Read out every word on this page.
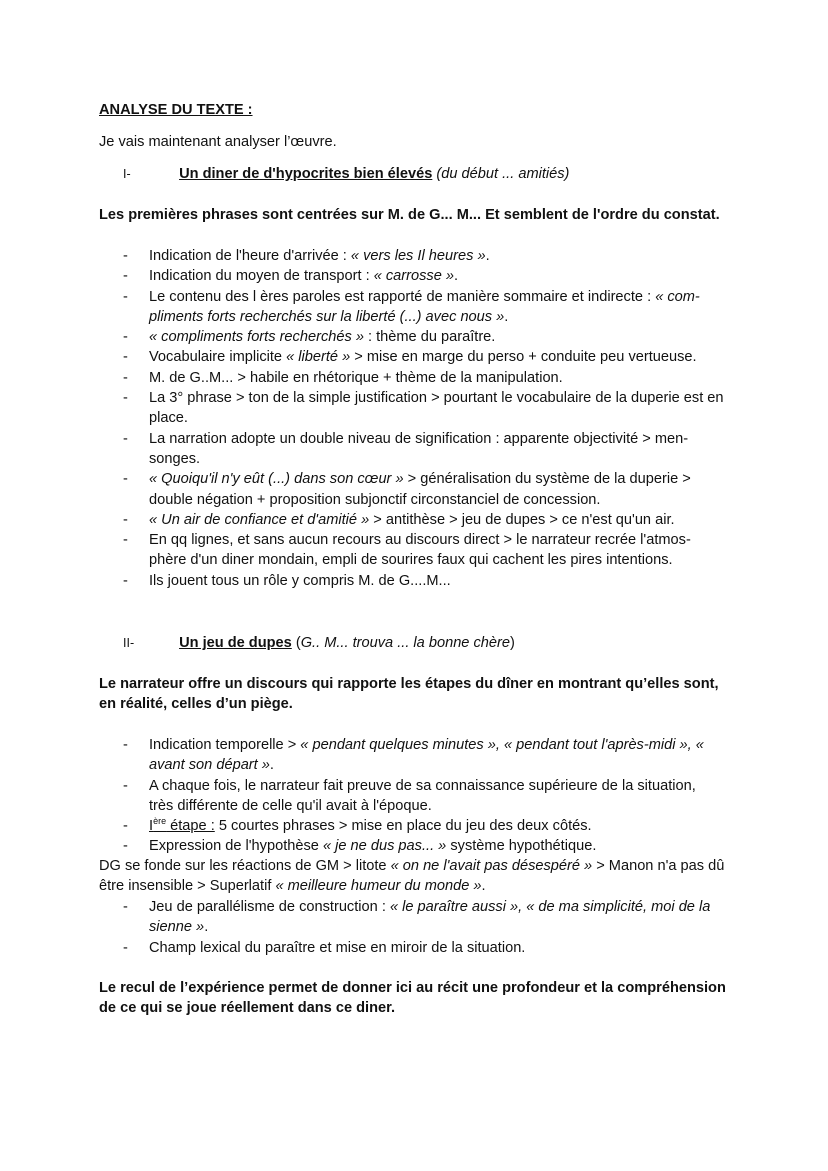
ANALYSE DU TEXTE :
Je vais maintenant analyser l’œuvre.
I-	Un diner de d'hypocrites bien élevés (du début ... amitiés)
Les premières phrases sont centrées sur M. de G... M... Et semblent de l'ordre du constat.
- Indication de l'heure d'arrivée : « vers les Il heures ».
- Indication du moyen de transport : « carrosse ».
- Le contenu des l ères paroles est rapporté de manière sommaire et indirecte : « com-pliments forts recherchés sur la liberté (...) avec nous ».
- « compliments forts recherchés » : thème du paraître.
- Vocabulaire implicite « liberté » > mise en marge du perso + conduite peu vertueuse.
- M. de G..M... > habile en rhétorique + thème de la manipulation.
- La 3° phrase > ton de la simple justification > pourtant le vocabulaire de la duperie est en place.
- La narration adopte un double niveau de signification : apparente objectivité > men-songes.
- « Quoiqu'il n'y eût (...) dans son cœur » > généralisation du système de la duperie > double négation + proposition subjonctif circonstanciel de concession.
- « Un air de confiance et d'amitié » > antithèse > jeu de dupes > ce n'est qu'un air.
- En qq lignes, et sans aucun recours au discours direct > le narrateur recrée l'atmos-phère d'un diner mondain, empli de sourires faux qui cachent les pires intentions.
- Ils jouent tous un rôle y compris M. de G....M...
II-	Un jeu de dupes (G.. M... trouva ... la bonne chère)
Le narrateur offre un discours qui rapporte les étapes du dîner en montrant qu’elles sont, en réalité, celles d’un piège.
- Indication temporelle > « pendant quelques minutes », « pendant tout l'après-midi », « avant son départ ».
- A chaque fois, le narrateur fait preuve de sa connaissance supérieure de la situation, très différente de celle qu'il avait à l'époque.
- Ière étape : 5 courtes phrases > mise en place du jeu des deux côtés.
- Expression de l'hypothèse « je ne dus pas... » système hypothétique.
DG se fonde sur les réactions de GM > litote « on ne l'avait pas désespéré » > Manon n'a pas dû être insensible > Superlatif « meilleure humeur du monde ».
- Jeu de parallélisme de construction : « le paraître aussi », « de ma simplicité, moi de la sienne ».
- Champ lexical du paraître et mise en miroir de la situation.
Le recul de l’expérience permet de donner ici au récit une profondeur et la compréhension de ce qui se joue réellement dans ce diner.
